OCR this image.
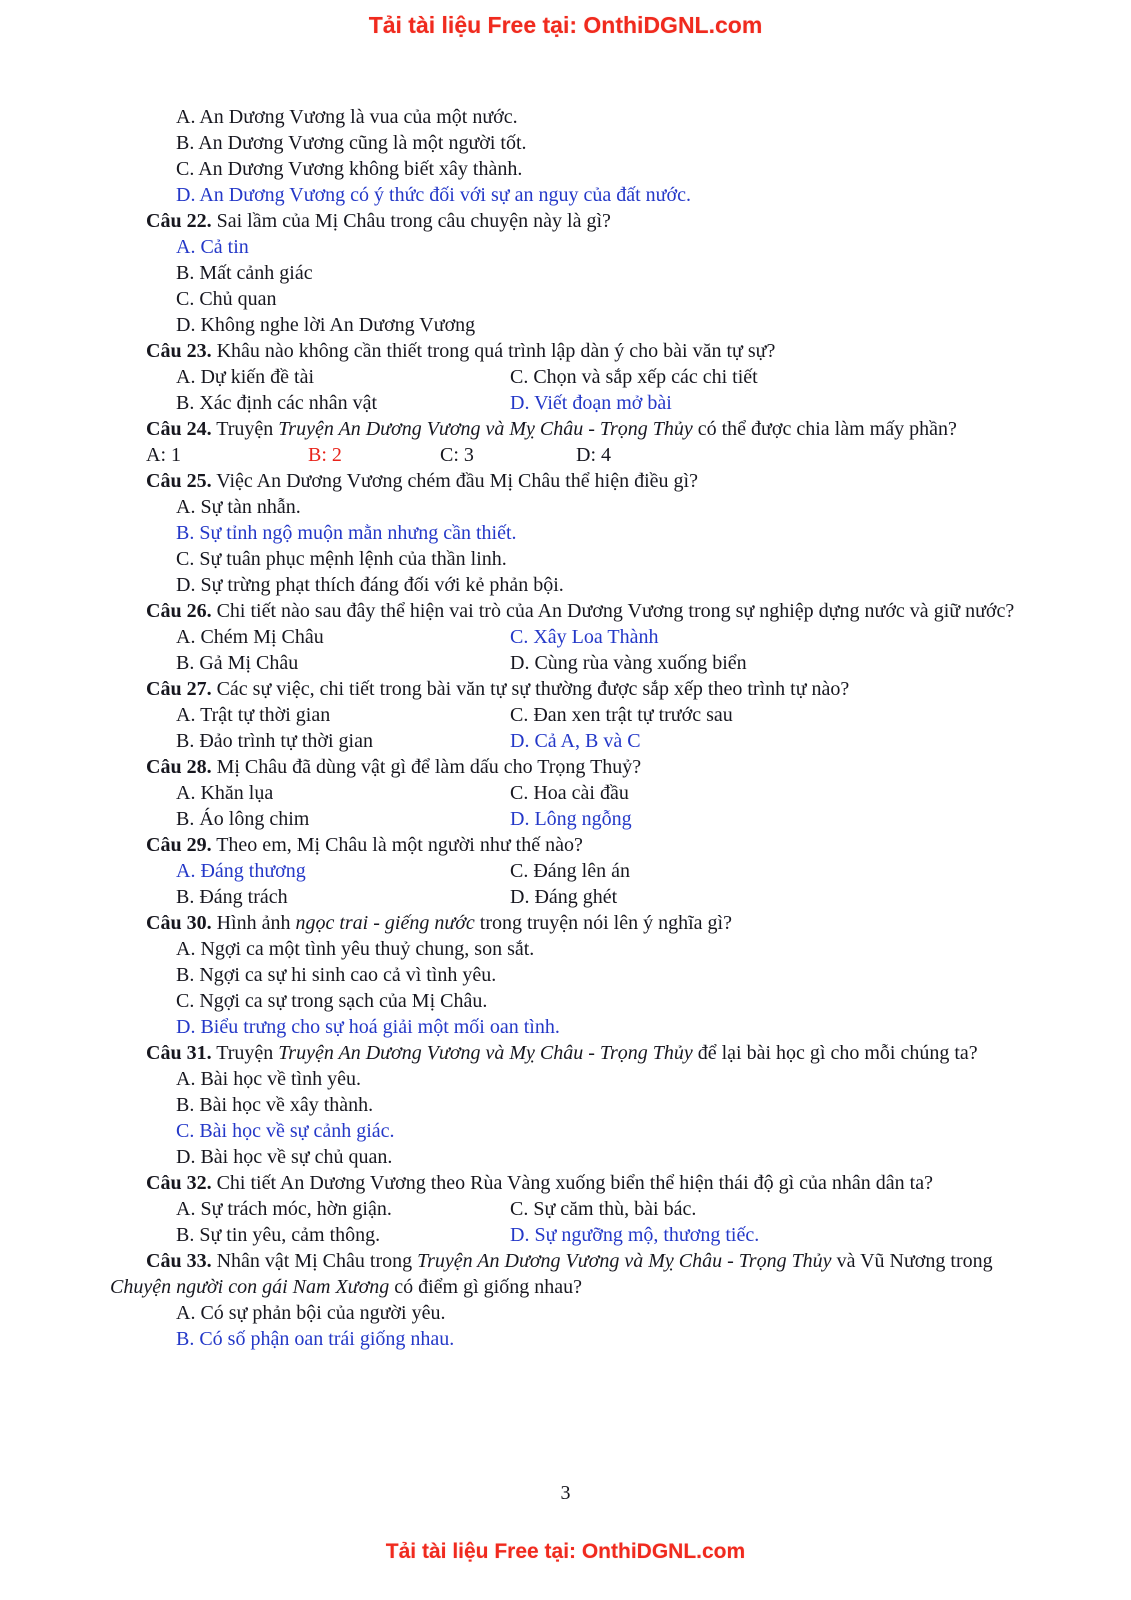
Tải tài liệu Free tại: OnthiDGNL.com
A. An Dương Vương là vua của một nước.
B. An Dương Vương cũng là một người tốt.
C. An Dương Vương không biết xây thành.
D. An Dương Vương có ý thức đối với sự an nguy của đất nước.
Câu 22. Sai lầm của Mị Châu trong câu chuyện này là gì?
A. Cả tin
B. Mất cảnh giác
C. Chủ quan
D. Không nghe lời An Dương Vương
Câu 23. Khâu nào không cần thiết trong quá trình lập dàn ý cho bài văn tự sự?
A. Dự kiến đề tài	C. Chọn và sắp xếp các chi tiết
B. Xác định các nhân vật	D. Viết đoạn mở bài
Câu 24. Truyện Truyện An Dương Vương và Mỵ Châu - Trọng Thủy có thể được chia làm mấy phần?
A: 1	B: 2	C: 3	D: 4
Câu 25. Việc An Dương Vương chém đầu Mị Châu thể hiện điều gì?
A. Sự tàn nhẫn.
B. Sự tỉnh ngộ muộn mằn nhưng cần thiết.
C. Sự tuân phục mệnh lệnh của thần linh.
D. Sự trừng phạt thích đáng đối với kẻ phản bội.
Câu 26. Chi tiết nào sau đây thể hiện vai trò của An Dương Vương trong sự nghiệp dựng nước và giữ nước?
A. Chém Mị Châu	C. Xây Loa Thành
B. Gả Mị Châu	D. Cùng rùa vàng xuống biển
Câu 27. Các sự việc, chi tiết trong bài văn tự sự thường được sắp xếp theo trình tự nào?
A. Trật tự thời gian	C. Đan xen trật tự trước sau
B. Đảo trình tự thời gian	D. Cả A, B và C
Câu 28. Mị Châu đã dùng vật gì để làm dấu cho Trọng Thuỷ?
A. Khăn lụa	C. Hoa cài đầu
B. Áo lông chim	D. Lông ngỗng
Câu 29. Theo em, Mị Châu là một người như thế nào?
A. Đáng thương	C. Đáng lên án
B. Đáng trách	D. Đáng ghét
Câu 30. Hình ảnh ngọc trai - giếng nước trong truyện nói lên ý nghĩa gì?
A. Ngợi ca một tình yêu thuỷ chung, son sắt.
B. Ngợi ca sự hi sinh cao cả vì tình yêu.
C. Ngợi ca sự trong sạch của Mị Châu.
D. Biểu trưng cho sự hoá giải một mối oan tình.
Câu 31. Truyện Truyện An Dương Vương và Mỵ Châu - Trọng Thủy để lại bài học gì cho mỗi chúng ta?
A. Bài học về tình yêu.
B. Bài học về xây thành.
C. Bài học về sự cảnh giác.
D. Bài học về sự chủ quan.
Câu 32. Chi tiết An Dương Vương theo Rùa Vàng xuống biển thể hiện thái độ gì của nhân dân ta?
A. Sự trách móc, hờn giận.	C. Sự căm thù, bài bác.
B. Sự tin yêu, cảm thông.	D. Sự ngưỡng mộ, thương tiếc.
Câu 33. Nhân vật Mị Châu trong Truyện An Dương Vương và Mỵ Châu - Trọng Thủy và Vũ Nương trong Chuyện người con gái Nam Xương có điểm gì giống nhau?
A. Có sự phản bội của người yêu.
B. Có số phận oan trái giống nhau.
3
Tải tài liệu Free tại: OnthiDGNL.com
